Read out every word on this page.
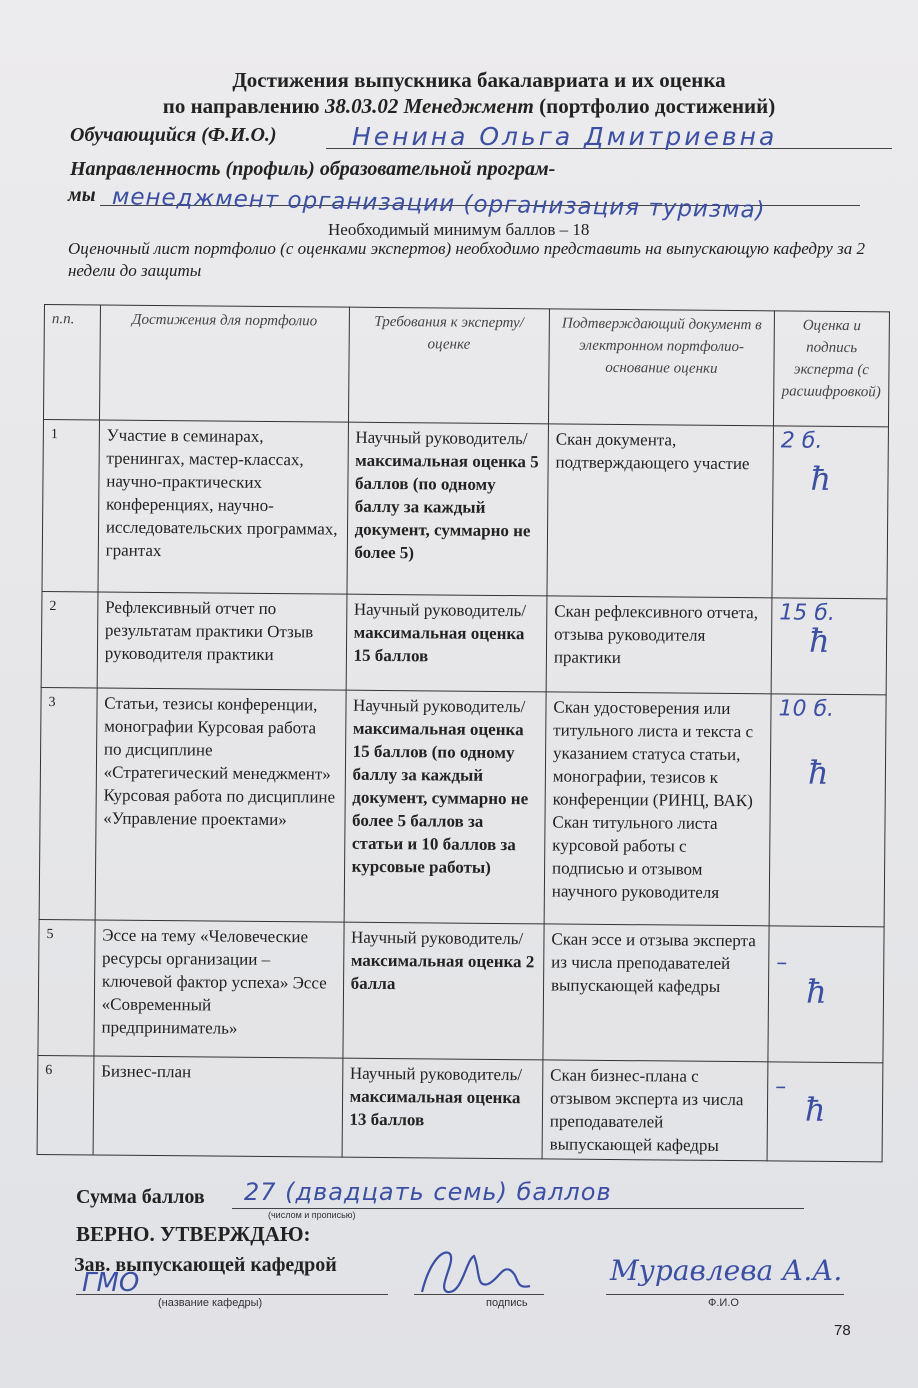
Достижения выпускника бакалавриата и их оценка
по направлению 38.03.02 Менеджмент (портфолио достижений)
Обучающийся (Ф.И.О.)	Ненина Ольга Дмитриевна
Направленность (профиль) образовательной програм-
мы менеджмент организации (организация туризма)
Необходимый минимум баллов – 18
Оценочный лист портфолио (с оценками экспертов) необходимо представить на выпускающую кафедру за 2 недели до защиты
п.п.	Достижения для портфолио	Требования к эксперту/оценке	Подтверждающий документ в электронном портфолио-основание оценки	Оценка и подпись эксперта (с расшифровкой)
1	Участие в семинарах, тренингах, мастер-классах, научно-практических конференциях, научно-исследовательских программах, грантах	Научный руководитель/ максимальная оценка 5 баллов (по одному баллу за каждый документ, суммарно не более 5)	Скан документа, подтверждающего участие	2 б.
ħ

2	Рефлексивный отчет по результатам практики Отзыв руководителя практики	Научный руководитель/ максимальная оценка 15 баллов	Скан рефлексивного отчета, отзыва руководителя практики	15 б.
ħ

3	Статьи, тезисы конференции, монографии Курсовая работа по дисциплине «Стратегический менеджмент» Курсовая работа по дисциплине «Управление проектами»	Научный руководитель/ максимальная оценка 15 баллов (по одному баллу за каждый документ, суммарно не более 5 баллов за статьи и 10 баллов за курсовые работы)	Скан удостоверения или титульного листа и текста с указанием статуса статьи, монографии, тезисов к конференции (РИНЦ, ВАК) Скан титульного листа курсовой работы с подписью и отзывом научного руководителя	10 б.
ħ

5	Эссе на тему «Человеческие ресурсы организации – ключевой фактор успеха» Эссе «Современный предприниматель»	Научный руководитель/максимальная оценка 2 балла	Скан эссе и отзыва эксперта из числа преподавателей выпускающей кафедры	–
ħ

6	Бизнес-план	Научный руководитель/максимальная оценка 13 баллов	Скан бизнес-плана с отзывом эксперта из числа преподавателей выпускающей кафедры	–
ħ
Сумма баллов 27 (двадцать семь) баллов
(числом и прописью)
ВЕРНО. УТВЕРЖДАЮ:
Зав. выпускающей кафедрой
ГМО
(название кафедры)	подпись
Муравлева А.А.
Ф.И.О
78
